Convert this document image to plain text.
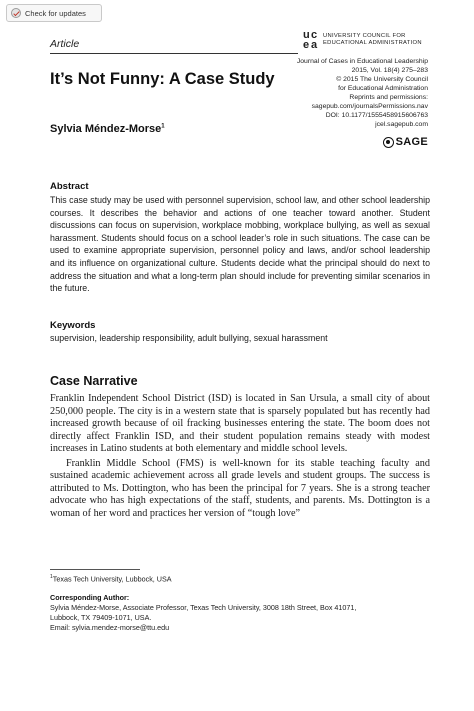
Check for updates
Article
u c
e a
UNIVERSITY COUNCIL FOR
EDUCATIONAL ADMINISTRATION
Journal of Cases in Educational Leadership
2015, Vol. 18(4) 275–283
© 2015 The University Council
for Educational Administration
Reprints and permissions:
sagepub.com/journalsPermissions.nav
DOI: 10.1177/1555458915606763
jcel.sagepub.com
SAGE
It’s Not Funny: A Case Study
Sylvia Méndez-Morse$^1$
Abstract

This case study may be used with personnel supervision, school law, and other school leadership courses. It describes the behavior and actions of one teacher toward another. Student discussions can focus on supervision, workplace mobbing, workplace bullying, as well as sexual harassment. Students should focus on a school leader’s role in such situations. The case can be used to examine appropriate supervision, personnel policy and laws, and/or school leadership and its influence on organizational culture. Students decide what the principal should do next to address the situation and what a long-term plan should include for preventing similar scenarios in the future.

Keywords

supervision, leadership responsibility, adult bullying, sexual harassment

Case Narrative

Franklin Independent School District (ISD) is located in San Ursula, a small city of about 250,000 people. The city is in a western state that is sparsely populated but has recently had increased growth because of oil fracking businesses entering the state. The boom does not directly affect Franklin ISD, and their student population remains steady with modest increases in Latino students at both elementary and middle school levels.

Franklin Middle School (FMS) is well-known for its stable teaching faculty and sustained academic achievement across all grade levels and student groups. The success is attributed to Ms. Dottington, who has been the principal for 7 years. She is a strong teacher advocate who has high expectations of the staff, students, and parents. Ms. Dottington is a woman of her word and practices her version of “tough love”

$^1$Texas Tech University, Lubbock, USA
Corresponding Author:
Sylvia Méndez-Morse, Associate Professor, Texas Tech University, 3008 18th Street, Box 41071,
Lubbock, TX 79409-1071, USA.
Email: sylvia.mendez-morse@ttu.edu
